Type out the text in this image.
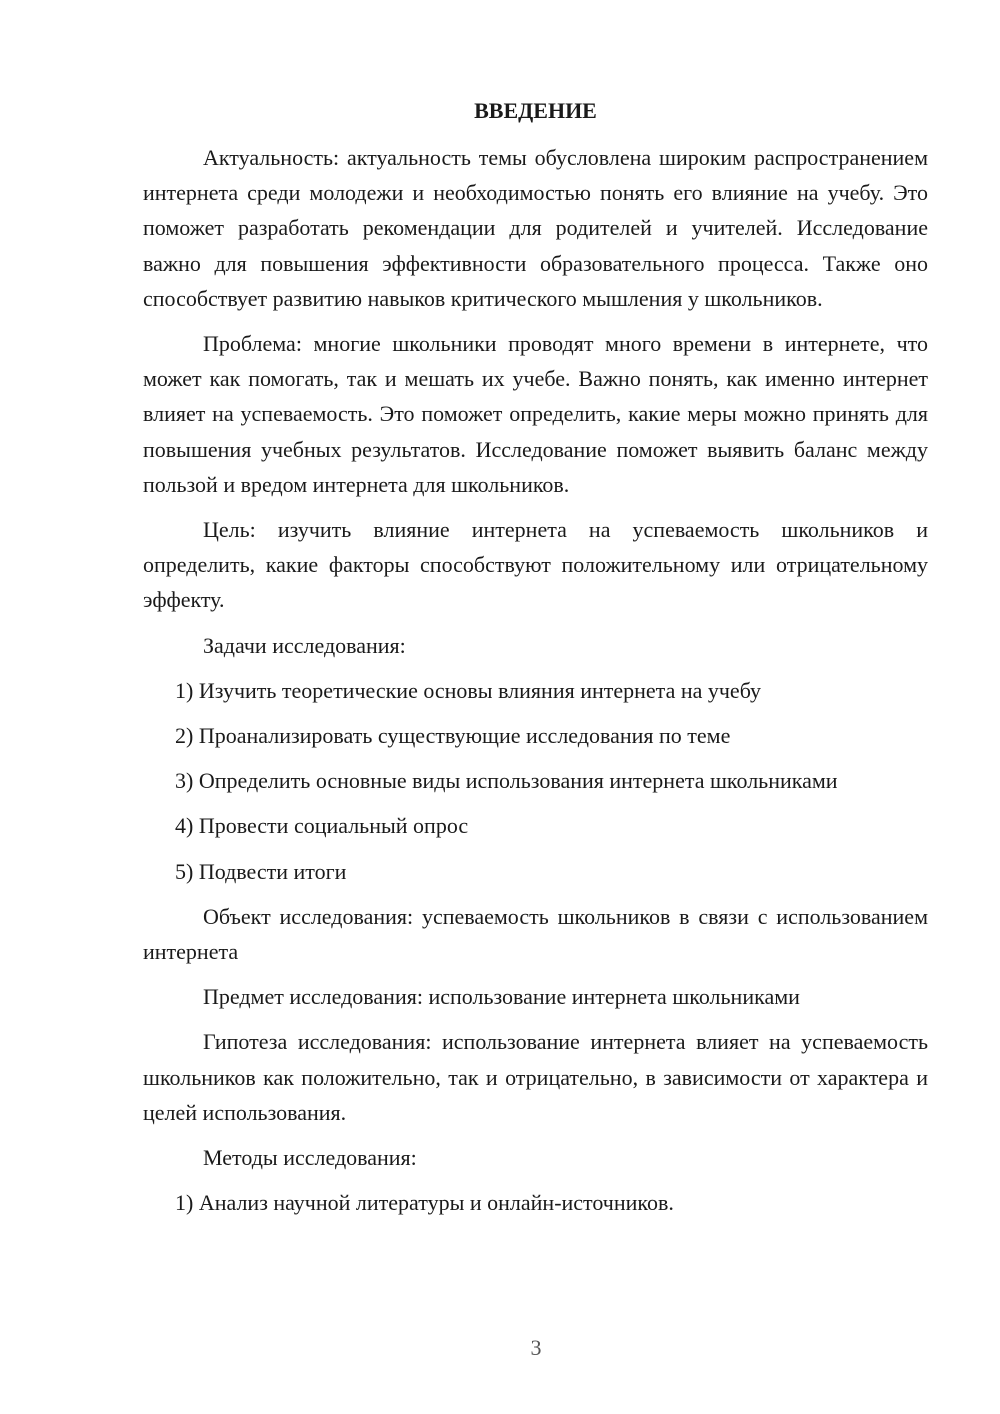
ВВЕДЕНИЕ

Актуальность: актуальность темы обусловлена широким распространением интернета среди молодежи и необходимостью понять его влияние на учебу. Это поможет разработать рекомендации для родителей и учителей. Исследование важно для повышения эффективности образовательного процесса. Также оно способствует развитию навыков критического мышления у школьников.

Проблема: многие школьники проводят много времени в интернете, что может как помогать, так и мешать их учебе. Важно понять, как именно интернет влияет на успеваемость. Это поможет определить, какие меры можно принять для повышения учебных результатов. Исследование поможет выявить баланс между пользой и вредом интернета для школьников.

Цель: изучить влияние интернета на успеваемость школьников и определить, какие факторы способствуют положительному или отрицательному эффекту.

Задачи исследования:

1) Изучить теоретические основы влияния интернета на учебу

2) Проанализировать существующие исследования по теме

3) Определить основные виды использования интернета школьниками

4) Провести социальный опрос

5) Подвести итоги

Объект исследования: успеваемость школьников в связи с использованием интернета

Предмет исследования: использование интернета школьниками

Гипотеза исследования: использование интернета влияет на успеваемость школьников как положительно, так и отрицательно, в зависимости от характера и целей использования.

Методы исследования:

1) Анализ научной литературы и онлайн-источников.

3
